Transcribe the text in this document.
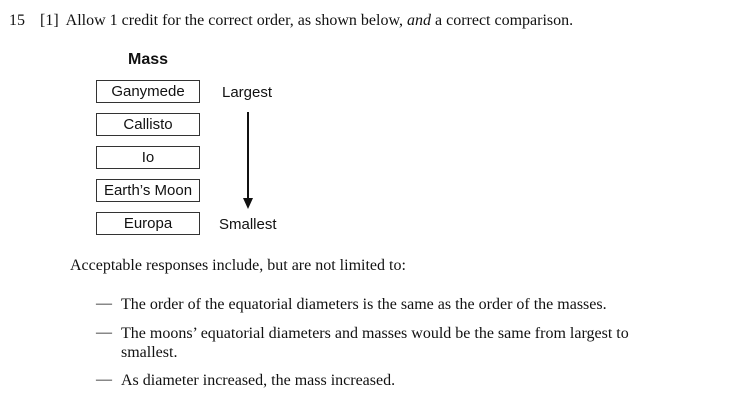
15 [1] Allow 1 credit for the correct order, as shown below, and a correct comparison.
Mass
Ganymede
Callisto
Io
Earth’s Moon
Europa
Largest
Smallest
Acceptable responses include, but are not limited to:
— The order of the equatorial diameters is the same as the order of the masses.
— The moons’ equatorial diameters and masses would be the same from largest to smallest.
— As diameter increased, the mass increased.
